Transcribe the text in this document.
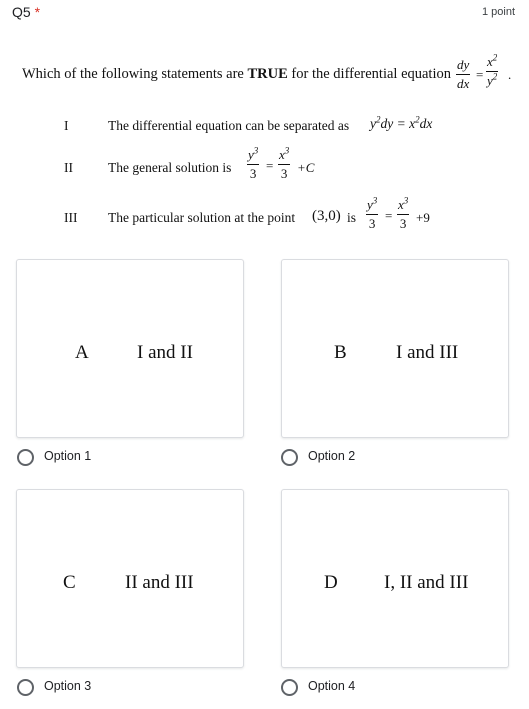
Q5 *	1 point
Which of the following statements are TRUE for the differential equation $\frac{dy}{dx} = \frac{x^2}{y^2}$ .
I	The differential equation can be separated as $y^2dy = x^2dx$
II	The general solution is $\frac{y^3}{3} = \frac{x^3}{3} +C$
III The particular solution at the point (3,0) is $\frac{y^3}{3} = \frac{x^3}{3} +9$
A	I and II	B	I and III
Option 1	Option 2
C	II and III	D I, II and III
Option 3	Option 4
